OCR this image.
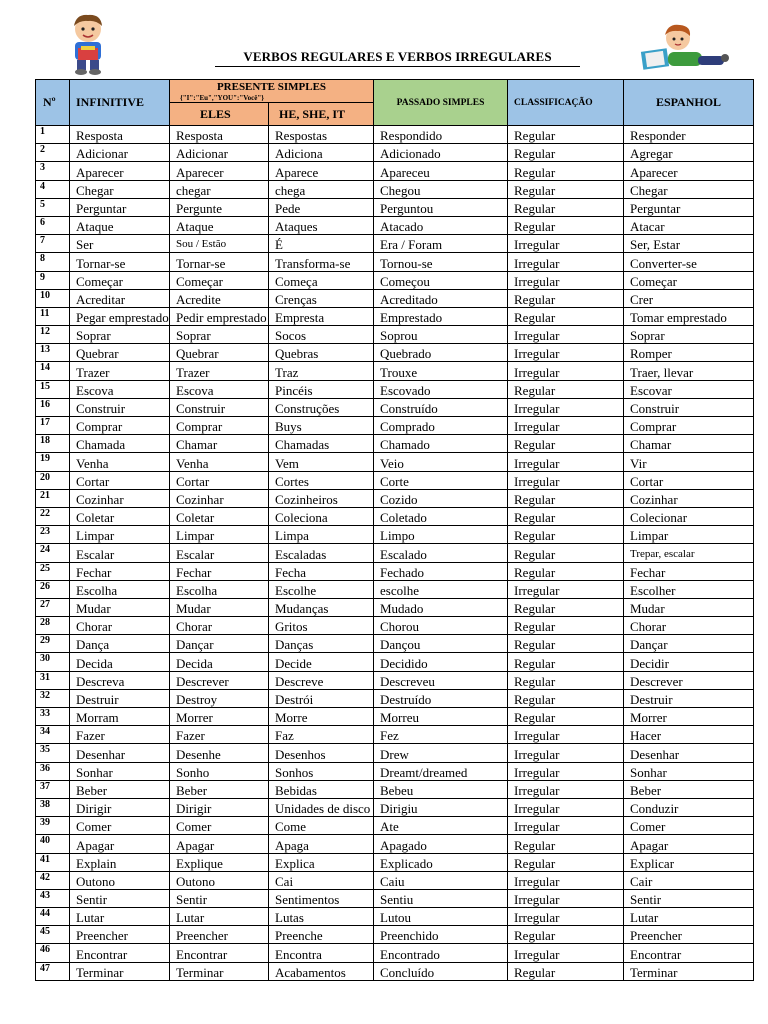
VERBOS REGULARES E VERBOS IRREGULARES
Nº	INFINITIVE	PRESENTE SIMPLES
{"I":"Eu","YOU":"Você"}		PASSADO SIMPLES	CLASSIFICAÇÃO	ESPANHOL
		ELES	HE, SHE, IT			
1	Resposta	Resposta	Respostas	Respondido	Regular	Responder
2	Adicionar	Adicionar	Adiciona	Adicionado	Regular	Agregar
3	Aparecer	Aparecer	Aparece	Apareceu	Regular	Aparecer
4	Chegar	chegar	chega	Chegou	Regular	Chegar
5	Perguntar	Pergunte	Pede	Perguntou	Regular	Perguntar
6	Ataque	Ataque	Ataques	Atacado	Regular	Atacar
7	Ser	Sou / Estão	É	Era / Foram	Irregular	Ser, Estar
8	Tornar-se	Tornar-se	Transforma-se	Tornou-se	Irregular	Converter-se
9	Começar	Começar	Começa	Começou	Irregular	Começar
10	Acreditar	Acredite	Crenças	Acreditado	Regular	Crer
11	Pegar emprestado	Pedir emprestado	Empresta	Emprestado	Regular	Tomar emprestado
12	Soprar	Soprar	Socos	Soprou	Irregular	Soprar
13	Quebrar	Quebrar	Quebras	Quebrado	Irregular	Romper
14	Trazer	Trazer	Traz	Trouxe	Irregular	Traer, llevar
15	Escova	Escova	Pincéis	Escovado	Regular	Escovar
16	Construir	Construir	Construções	Construído	Irregular	Construir
17	Comprar	Comprar	Buys	Comprado	Irregular	Comprar
18	Chamada	Chamar	Chamadas	Chamado	Regular	Chamar
19	Venha	Venha	Vem	Veio	Irregular	Vir
20	Cortar	Cortar	Cortes	Corte	Irregular	Cortar
21	Cozinhar	Cozinhar	Cozinheiros	Cozido	Regular	Cozinhar
22	Coletar	Coletar	Coleciona	Coletado	Regular	Colecionar
23	Limpar	Limpar	Limpa	Limpo	Regular	Limpar
24	Escalar	Escalar	Escaladas	Escalado	Regular	Trepar, escalar
25	Fechar	Fechar	Fecha	Fechado	Regular	Fechar
26	Escolha	Escolha	Escolhe	escolhe	Irregular	Escolher
27	Mudar	Mudar	Mudanças	Mudado	Regular	Mudar
28	Chorar	Chorar	Gritos	Chorou	Regular	Chorar
29	Dança	Dançar	Danças	Dançou	Regular	Dançar
30	Decida	Decida	Decide	Decidido	Regular	Decidir
31	Descreva	Descrever	Descreve	Descreveu	Regular	Descrever
32	Destruir	Destroy	Destrói	Destruído	Regular	Destruir
33	Morram	Morrer	Morre	Morreu	Regular	Morrer
34	Fazer	Fazer	Faz	Fez	Irregular	Hacer
35	Desenhar	Desenhe	Desenhos	Drew	Irregular	Desenhar
36	Sonhar	Sonho	Sonhos	Dreamt/dreamed	Irregular	Sonhar
37	Beber	Beber	Bebidas	Bebeu	Irregular	Beber
38	Dirigir	Dirigir	Unidades de disco	Dirigiu	Irregular	Conduzir
39	Comer	Comer	Come	Ate	Irregular	Comer
40	Apagar	Apagar	Apaga	Apagado	Regular	Apagar
41	Explain	Explique	Explica	Explicado	Regular	Explicar
42	Outono	Outono	Cai	Caiu	Irregular	Cair
43	Sentir	Sentir	Sentimentos	Sentiu	Irregular	Sentir
44	Lutar	Lutar	Lutas	Lutou	Irregular	Lutar
45	Preencher	Preencher	Preenche	Preenchido	Regular	Preencher
46	Encontrar	Encontrar	Encontra	Encontrado	Irregular	Encontrar
47	Terminar	Terminar	Acabamentos	Concluído	Regular	Terminar
